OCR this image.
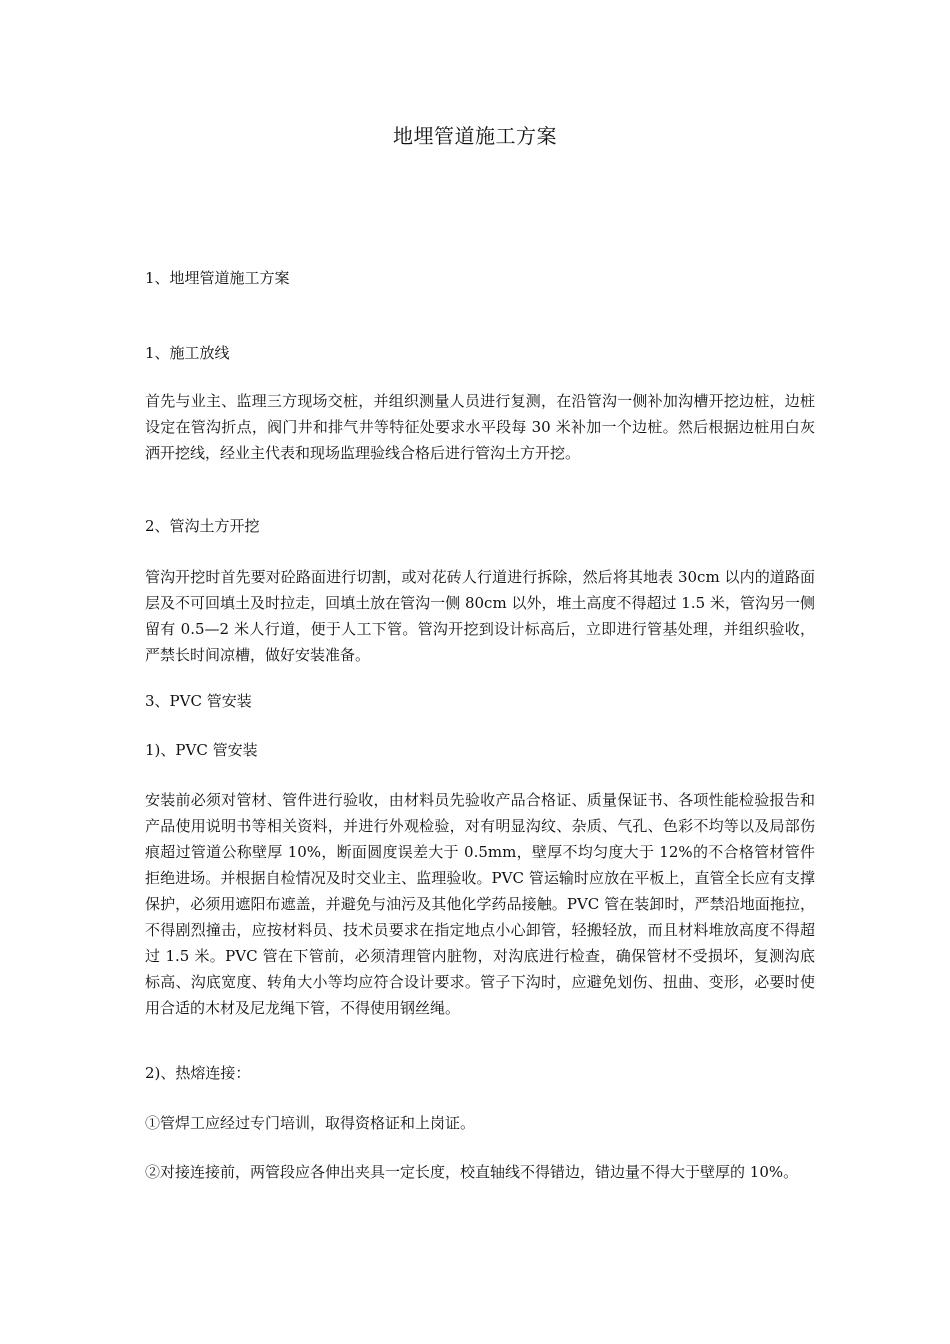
地埋管道施工方案

1、地埋管道施工方案

1、施工放线

首先与业主、监理三方现场交桩，并组织测量人员进行复测，在沿管沟一侧补加沟槽开挖边桩，边桩设定在管沟折点，阀门井和排气井等特征处要求水平段每 30 米补加一个边桩。然后根据边桩用白灰洒开挖线，经业主代表和现场监理验线合格后进行管沟土方开挖。

2、管沟土方开挖

管沟开挖时首先要对砼路面进行切割，或对花砖人行道进行拆除，然后将其地表 30cm 以内的道路面层及不可回填土及时拉走，回填土放在管沟一侧 80cm 以外，堆土高度不得超过 1.5 米，管沟另一侧留有 0.5—2 米人行道，便于人工下管。管沟开挖到设计标高后，立即进行管基处理，并组织验收，严禁长时间凉槽，做好安装准备。

3、PVC 管安装

1)、PVC 管安装

安装前必须对管材、管件进行验收，由材料员先验收产品合格证、质量保证书、各项性能检验报告和产品使用说明书等相关资料，并进行外观检验，对有明显沟纹、杂质、气孔、色彩不均等以及局部伤痕超过管道公称壁厚 10%，断面圆度误差大于 0.5mm，壁厚不均匀度大于 12%的不合格管材管件拒绝进场。并根据自检情况及时交业主、监理验收。PVC 管运输时应放在平板上，直管全长应有支撑保护，必须用遮阳布遮盖，并避免与油污及其他化学药品接触。PVC 管在装卸时，严禁沿地面拖拉，不得剧烈撞击，应按材料员、技术员要求在指定地点小心卸管，轻搬轻放，而且材料堆放高度不得超过 1.5 米。PVC 管在下管前，必须清理管内脏物，对沟底进行检查，确保管材不受损坏，复测沟底标高、沟底宽度、转角大小等均应符合设计要求。管子下沟时，应避免划伤、扭曲、变形，必要时使用合适的木材及尼龙绳下管，不得使用钢丝绳。

2)、热熔连接：

①管焊工应经过专门培训，取得资格证和上岗证。

②对接连接前，两管段应各伸出夹具一定长度，校直轴线不得错边，错边量不得大于壁厚的 10%。
